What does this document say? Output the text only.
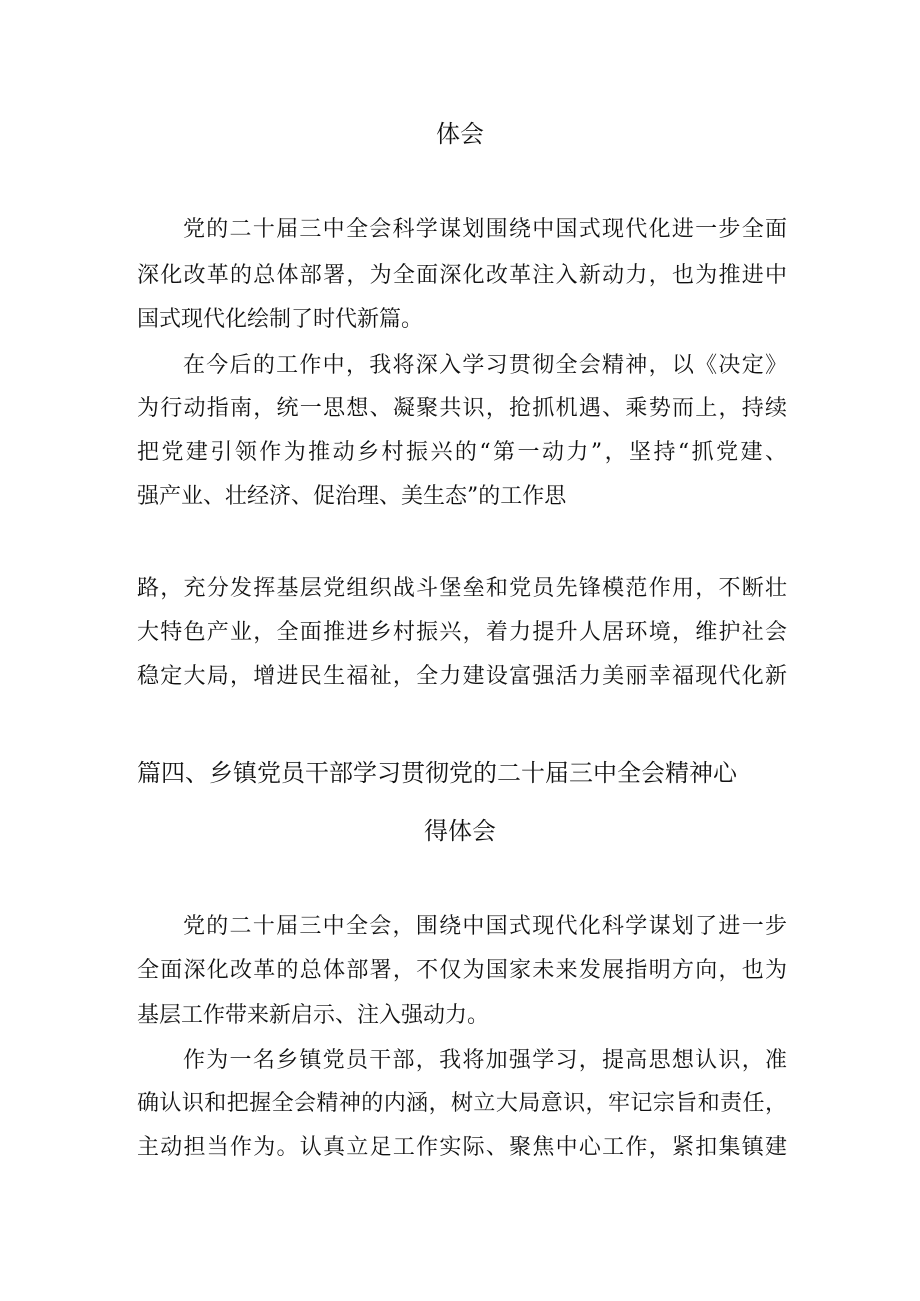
体会
党的二十届三中全会科学谋划围绕中国式现代化进一步全面
深化改革的总体部署，为全面深化改革注入新动力，也为推进中
国式现代化绘制了时代新篇。
在今后的工作中，我将深入学习贯彻全会精神，以《决定》
为行动指南，统一思想、凝聚共识，抢抓机遇、乘势而上，持续
把党建引领作为推动乡村振兴的“第一动力”，坚持“抓党建、
强产业、壮经济、促治理、美生态”的工作思
路，充分发挥基层党组织战斗堡垒和党员先锋模范作用，不断壮
大特色产业，全面推进乡村振兴，着力提升人居环境，维护社会
稳定大局，增进民生福祉，全力建设富强活力美丽幸福现代化新
篇四、乡镇党员干部学习贯彻党的二十届三中全会精神心
得体会
党的二十届三中全会，围绕中国式现代化科学谋划了进一步
全面深化改革的总体部署，不仅为国家未来发展指明方向，也为
基层工作带来新启示、注入强动力。
作为一名乡镇党员干部，我将加强学习，提高思想认识，准
确认识和把握全会精神的内涵，树立大局意识，牢记宗旨和责任，
主动担当作为。认真立足工作实际、聚焦中心工作，紧扣集镇建
